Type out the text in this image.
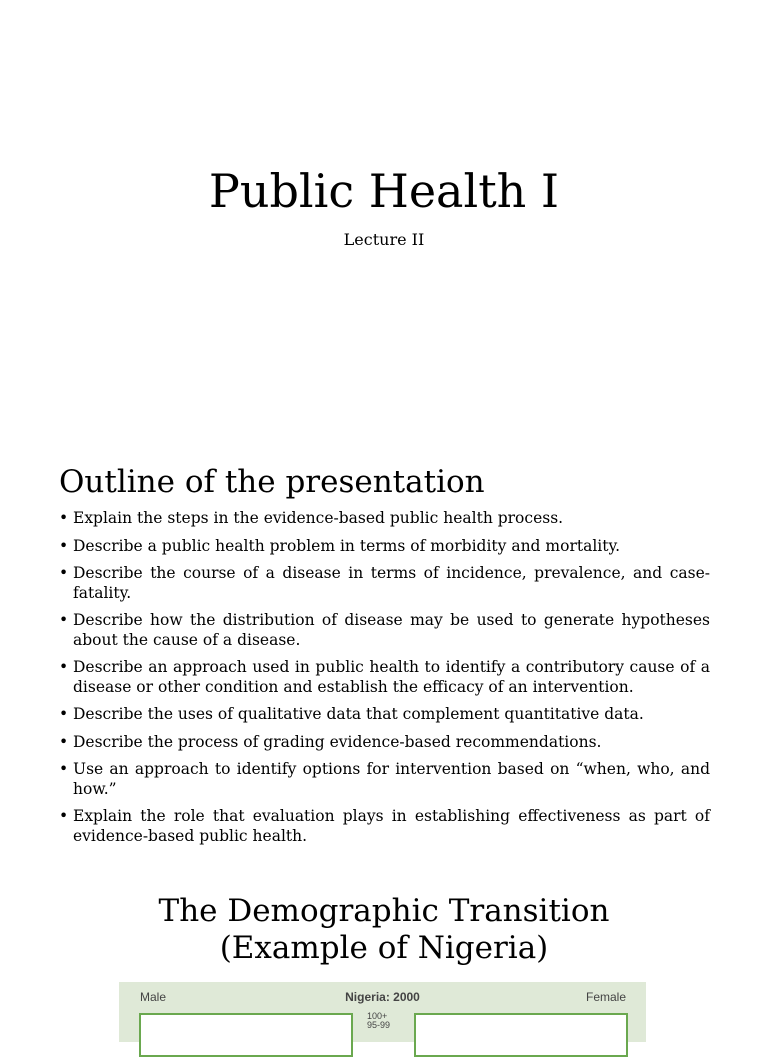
Public Health I
Lecture II
Outline of the presentation
• Explain the steps in the evidence-based public health process.
• Describe a public health problem in terms of morbidity and mortality.
• Describe the course of a disease in terms of incidence, prevalence, and case-fatality.
• Describe how the distribution of disease may be used to generate hypotheses about the cause of a disease.
• Describe an approach used in public health to identify a contributory cause of a disease or other condition and establish the efficacy of an intervention.
• Describe the uses of qualitative data that complement quantitative data.
• Describe the process of grading evidence-based recommendations.
• Use an approach to identify options for intervention based on “when, who, and how.”
• Explain the role that evaluation plays in establishing effectiveness as part of evidence-based public health.
The Demographic Transition
(Example of Nigeria)
Male	Nigeria: 2000	Female
100+
95-99
